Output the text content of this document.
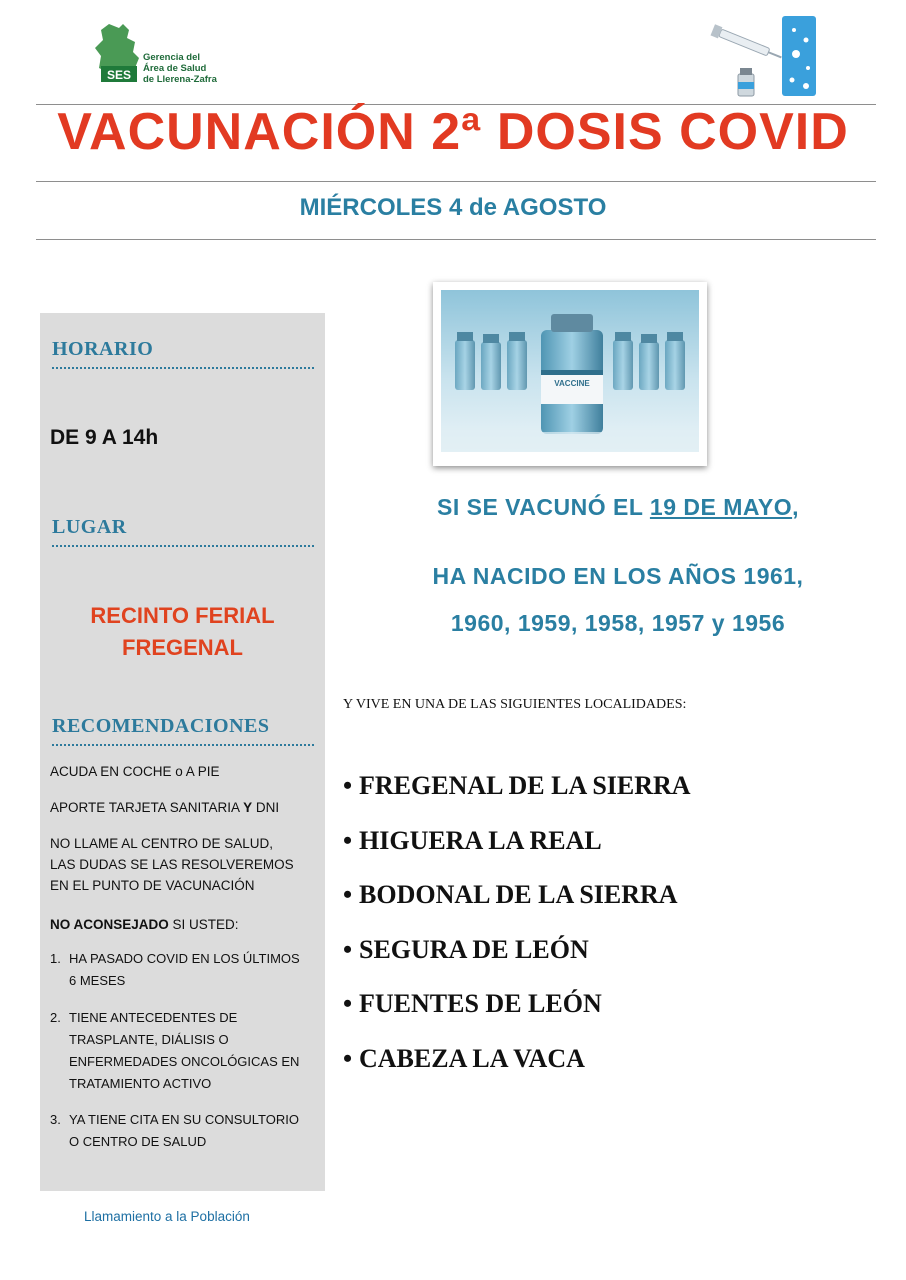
SES
Gerencia del
Área de Salud
de Llerena-Zafra
VACUNACIÓN 2ª DOSIS COVID
MIÉRCOLES 4 de AGOSTO
HORARIO
DE 9 A 14h
LUGAR
RECINTO FERIAL
FREGENAL
RECOMENDACIONES
ACUDA EN COCHE o A PIE
APORTE TARJETA SANITARIA Y DNI
NO LLAME AL CENTRO DE SALUD,
LAS DUDAS SE LAS RESOLVEREMOS
EN EL PUNTO DE VACUNACIÓN
NO ACONSEJADO SI USTED:
1. HA PASADO COVID EN LOS ÚLTIMOS
6 MESES
2. TIENE ANTECEDENTES DE
TRASPLANTE, DIÁLISIS O
ENFERMEDADES ONCOLÓGICAS EN
TRATAMIENTO ACTIVO
3. YA TIENE CITA EN SU CONSULTORIO
O CENTRO DE SALUD
Llamamiento a la Población
VACCINE
SI SE VACUNÓ EL 19 DE MAYO,
HA NACIDO EN LOS AÑOS 1961,
1960, 1959, 1958, 1957 y 1956
Y VIVE EN UNA DE LAS SIGUIENTES LOCALIDADES:
• FREGENAL DE LA SIERRA
• HIGUERA LA REAL
• BODONAL DE LA SIERRA
• SEGURA DE LEÓN
• FUENTES DE LEÓN
• CABEZA LA VACA
